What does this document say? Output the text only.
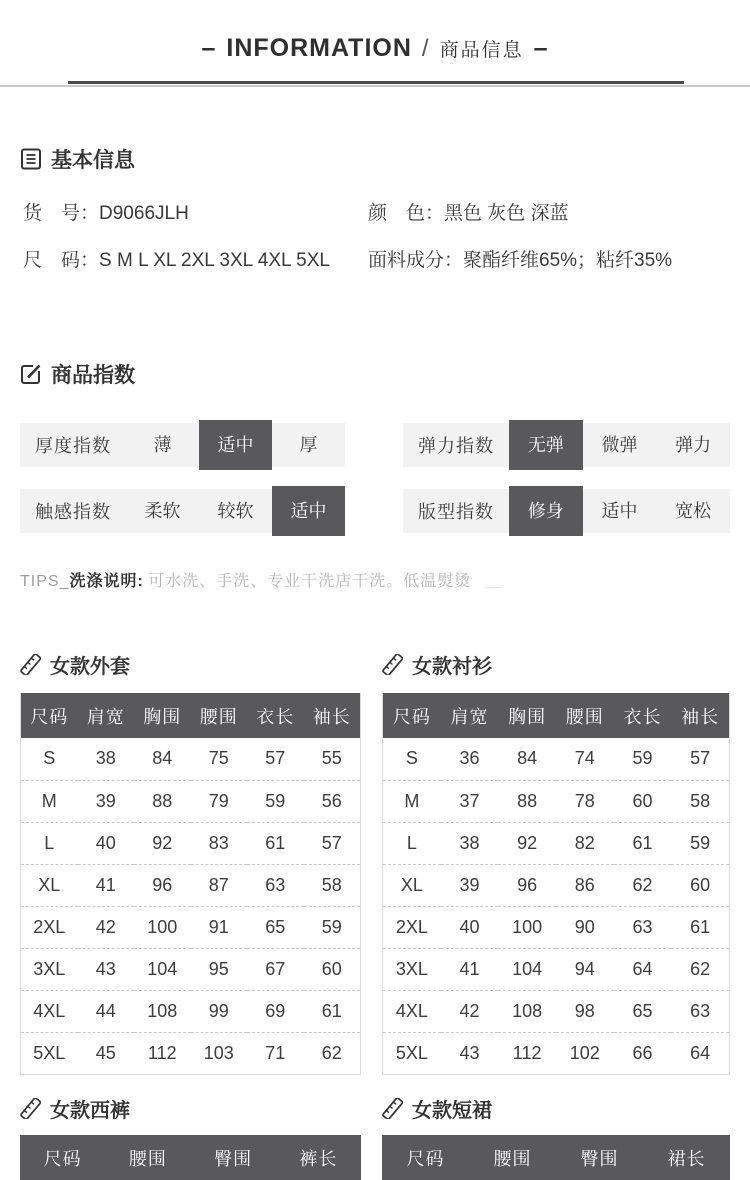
– INFORMATION / 商品信息 –
基本信息
货　号：D9066JLH	颜　色：黑色 灰色 深蓝
尺　码：S M L XL 2XL 3XL 4XL 5XL	面料成分：聚酯纤维65%；粘纤35%
商品指数
厚度指数	薄	适中	厚	弹力指数	无弹	微弹	弹力
触感指数	柔软	较软	适中	版型指数	修身	适中	宽松
TIPS_洗涤说明: 可水洗、手洗、专业干洗店干洗。低温熨烫 ＿
女款外套
尺码	肩宽	胸围	腰围	衣长	袖长
S	38	84	75	57	55
M	39	88	79	59	56
L	40	92	83	61	57
XL	41	96	87	63	58
2XL	42	100	91	65	59
3XL	43	104	95	67	60
4XL	44	108	99	69	61
5XL	45	112	103	71	62
女款衬衫
尺码	肩宽	胸围	腰围	衣长	袖长
S	36	84	74	59	57
M	37	88	78	60	58
L	38	92	82	61	59
XL	39	96	86	62	60
2XL	40	100	90	63	61
3XL	41	104	94	64	62
4XL	42	108	98	65	63
5XL	43	112	102	66	64
女款西裤
尺码	腰围	臀围	裤长
女款短裙
尺码	腰围	臀围	裙长
